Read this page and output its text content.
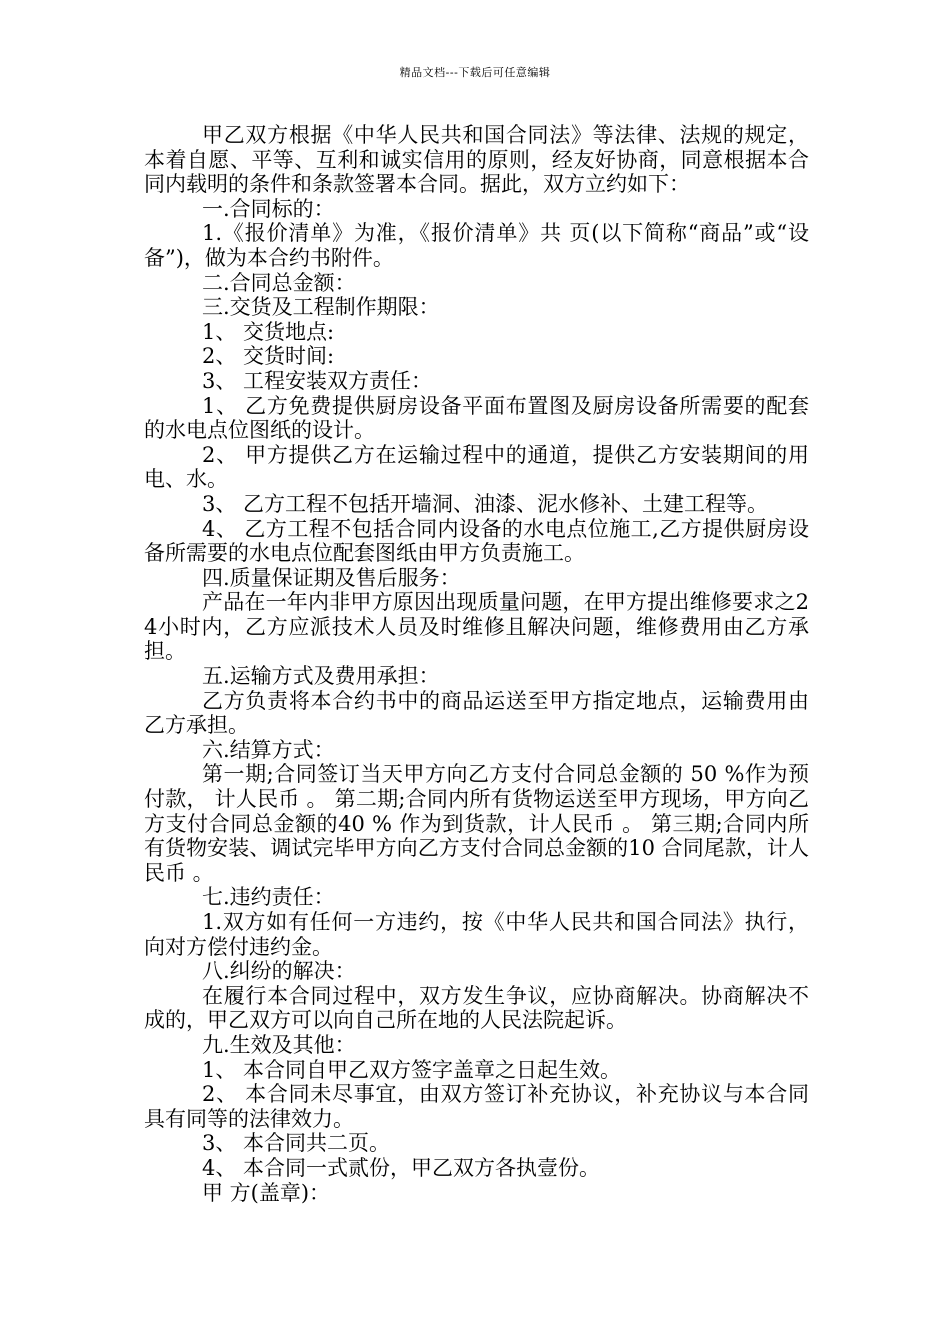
精品文档---下载后可任意编辑

甲乙双方根据《中华人民共和国合同法》等法律、法规的规定，本着自愿、平等、互利和诚实信用的原则，经友好协商，同意根据本合同内载明的条件和条款签署本合同。据此，双方立约如下：

一.合同标的：

1.《报价清单》为准，《报价清单》共 页(以下简称“商品”或“设备”)，做为本合约书附件。

二.合同总金额：

三.交货及工程制作期限：

1、 交货地点:

2、 交货时间:

3、 工程安装双方责任：

1、 乙方免费提供厨房设备平面布置图及厨房设备所需要的配套的水电点位图纸的设计。

2、 甲方提供乙方在运输过程中的通道，提供乙方安装期间的用电、水。

3、 乙方工程不包括开墙洞、油漆、泥水修补、土建工程等。

4、 乙方工程不包括合同内设备的水电点位施工,乙方提供厨房设备所需要的水电点位配套图纸由甲方负责施工。

四.质量保证期及售后服务：

产品在一年内非甲方原因出现质量问题，在甲方提出维修要求之24小时内，乙方应派技术人员及时维修且解决问题，维修费用由乙方承担。

五.运输方式及费用承担：

乙方负责将本合约书中的商品运送至甲方指定地点，运输费用由乙方承担。

六.结算方式：

第一期;合同签订当天甲方向乙方支付合同总金额的 50 %作为预付款， 计人民币 。 第二期;合同内所有货物运送至甲方现场，甲方向乙方支付合同总金额的40 % 作为到货款，计人民币 。 第三期;合同内所有货物安装、调试完毕甲方向乙方支付合同总金额的10 合同尾款，计人民币 。

七.违约责任：

1.双方如有任何一方违约，按《中华人民共和国合同法》执行，向对方偿付违约金。

八.纠纷的解决：

在履行本合同过程中，双方发生争议，应协商解决。协商解决不成的，甲乙双方可以向自己所在地的人民法院起诉。

九.生效及其他：

1、 本合同自甲乙双方签字盖章之日起生效。

2、 本合同未尽事宜，由双方签订补充协议，补充协议与本合同具有同等的法律效力。

3、 本合同共二页。

4、 本合同一式贰份，甲乙双方各执壹份。

甲 方(盖章)：
